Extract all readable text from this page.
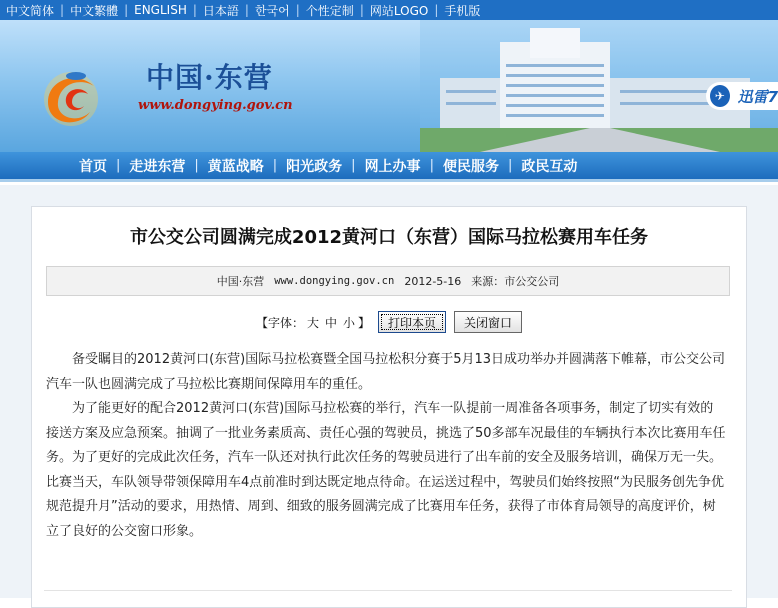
中文简体 | 中文繁體 | ENGLISH | 日本語 | 한국어 | 个性定制 | 网站LOGO | 手机版
中国·东营
www.dongying.gov.cn
✈ 迅雷7
首页 | 走进东营 | 黄蓝战略 | 阳光政务 | 网上办事 | 便民服务 | 政民互动
市公交公司圆满完成2012黄河口（东营）国际马拉松赛用车任务
中国·东营 www.dongying.gov.cn 2012-5-16 来源：市公交公司
【字体： 大 中 小 】	打印本页	关闭窗口

备受瞩目的2012黄河口(东营)国际马拉松赛暨全国马拉松积分赛于5月13日成功举办并圆满落下帷幕，市公交公司汽车一队也圆满完成了马拉松比赛期间保障用车的重任。

为了能更好的配合2012黄河口(东营)国际马拉松赛的举行，汽车一队提前一周准备各项事务，制定了切实有效的接送方案及应急预案。抽调了一批业务素质高、责任心强的驾驶员，挑选了50多部车况最佳的车辆执行本次比赛用车任务。为了更好的完成此次任务，汽车一队还对执行此次任务的驾驶员进行了出车前的安全及服务培训，确保万无一失。比赛当天，车队领导带领保障用车4点前准时到达既定地点待命。在运送过程中，驾驶员们始终按照“为民服务创先争优规范提升月”活动的要求，用热情、周到、细致的服务圆满完成了比赛用车任务，获得了市体育局领导的高度评价，树立了良好的公交窗口形象。
